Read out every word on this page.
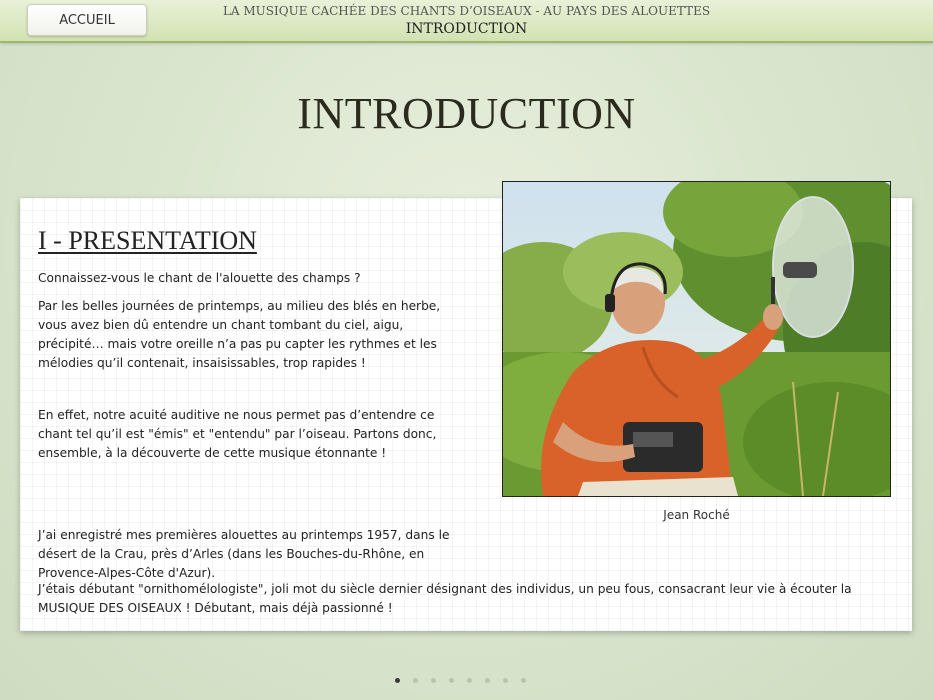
ACCUEIL
LA MUSIQUE CACHÉE DES CHANTS D’OISEAUX - AU PAYS DES ALOUETTES
INTRODUCTION
INTRODUCTION
I - PRESENTATION
Connaissez-vous le chant de l'alouette des champs ?
Par les belles journées de printemps, au milieu des blés en herbe, vous avez bien dû entendre un chant tombant du ciel, aigu, précipité… mais votre oreille n’a pas pu capter les rythmes et les mélodies qu’il contenait, insaisissables, trop rapides !
En effet, notre acuité auditive ne nous permet pas d’entendre ce chant tel qu’il est "émis" et "entendu" par l’oiseau. Partons donc, ensemble, à la découverte de cette musique étonnante !
J’ai enregistré mes premières alouettes au printemps 1957, dans le désert de la Crau, près d’Arles (dans les Bouches-du-Rhône, en Provence-Alpes-Côte d'Azur).
J’étais débutant "ornithomélologiste", joli mot du siècle dernier désignant des individus, un peu fous, consacrant leur vie à écouter la MUSIQUE DES OISEAUX ! Débutant, mais déjà passionné !
Jean Roché
